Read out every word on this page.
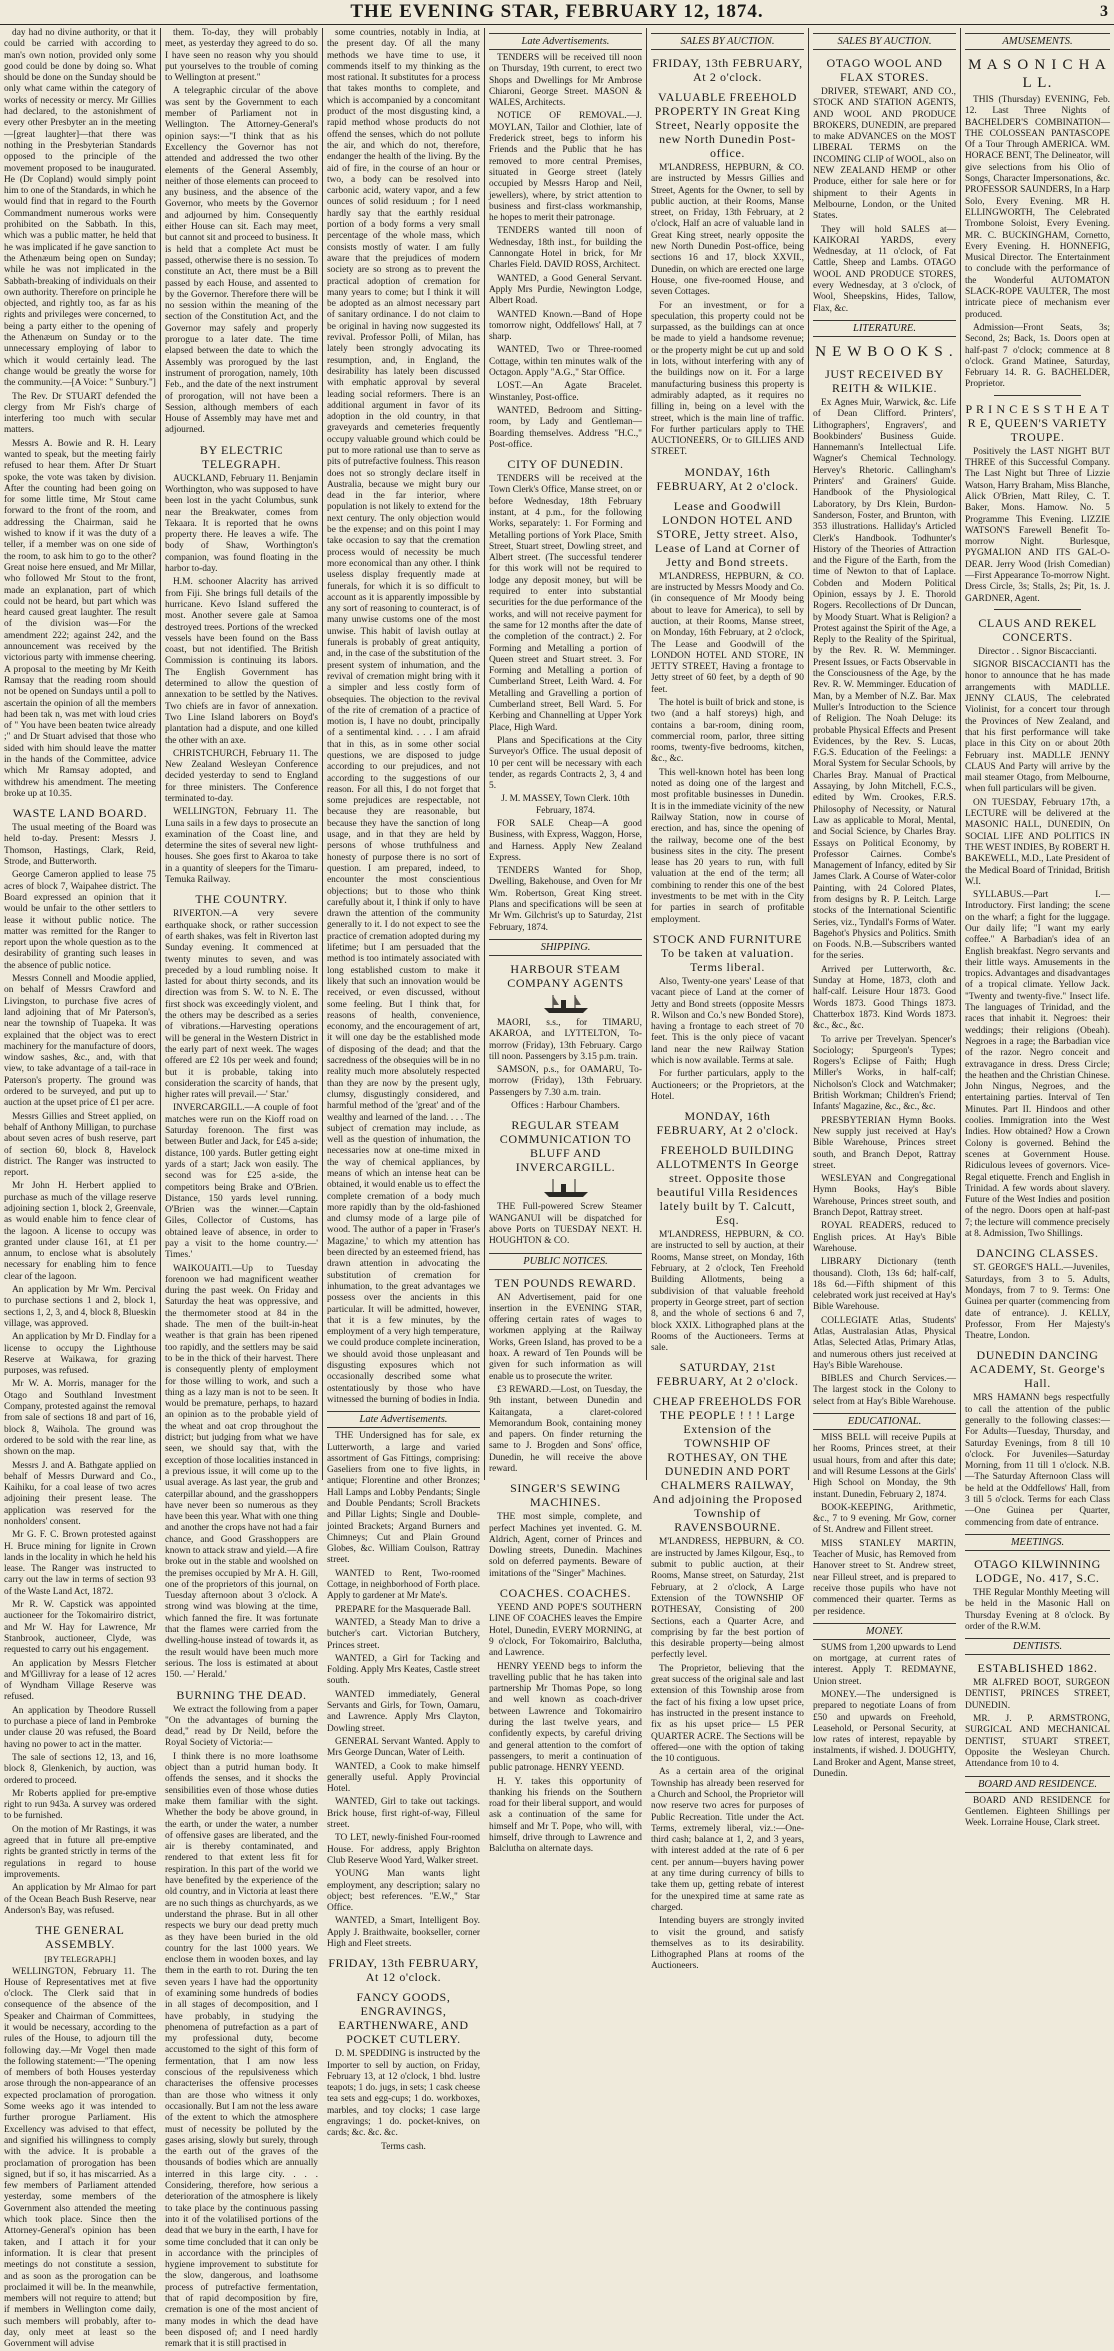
THE EVENING STAR, FEBRUARY 12, 1874.	3

day had no divine authority, or that it could be carried with according to man's own notion, provided only some good could be done by doing so. What should be done on the Sunday should be only what came within the category of works of necessity or mercy. Mr Gillies had declared, to the astonishment of every other Presbyter an in the meeting—[great laughter]—that there was nothing in the Presbyterian Standards opposed to the principle of the movement proposed to be inaugurated. He (Dr Copland) would simply point him to one of the Standards, in which he would find that in regard to the Fourth Commandment numerous works were prohibited on the Sabbath. In this, which was a public matter, he held that he was implicated if he gave sanction to the Athenæum being open on Sunday; while he was not implicated in the Sabbath-breaking of individuals on their own authority. Therefore on principle he objected, and rightly too, as far as his rights and privileges were concerned, to being a party either to the opening of the Athenæum on Sunday or to the unnecessary employing of labor to which it would certainly lead. The change would be greatly the worse for the community.—[A Voice: " Sunbury."]

The Rev. Dr STUART defended the clergy from Mr Fish's charge of interfering too much with secular matters.

Messrs A. Bowie and R. H. Leary wanted to speak, but the meeting fairly refused to hear them. After Dr Stuart spoke, the vote was taken by division. After the counting had been going on for some little time, Mr Stout came forward to the front of the room, and addressing the Chairman, said he wished to know if it was the duty of a teller, if a member was on one side of the room, to ask him to go to the other? Great noise here ensued, and Mr Millar, who followed Mr Stout to the front, made an explanation, part of which could not be heard, but part which was heard caused great laughter. The result of the division was—For the amendment 222; against 242, and the announcement was received by the victorious party with immense cheering. A proposal to the meeting by Mr Keith Ramsay that the reading room should not be opened on Sundays until a poll to ascertain the opinion of all the members had been tak n, was met with loud cries of " You have been beaten twice already ;" and Dr Stuart advised that those who sided with him should leave the matter in the hands of the Committee, advice which Mr Ramsay adopted, and withdrew his amendment. The meeting broke up at 10.35.

WASTE LAND BOARD.

The usual meeting of the Board was held to-day. Present: Messrs J. Thomson, Hastings, Clark, Reid, Strode, and Butterworth.

George Cameron applied to lease 75 acres of block 7, Waipahee district. The Board expressed an opinion that it would be unfair to the other settlers to lease it without public notice. The matter was remitted for the Ranger to report upon the whole question as to the desirability of granting such leases in the absence of public notice.

Messrs Connell and Moodie applied, on behalf of Messrs Crawford and Livingston, to purchase five acres of land adjoining that of Mr Paterson's, near the township of Tuapeka. It was explained that the object was to erect machinery for the manufacture of doors, window sashes, &c., and, with that view, to take advantage of a tail-race in Paterson's property. The ground was ordered to be surveyed, and put up to auction at the upset price of £1 per acre.

Messrs Gillies and Street applied, on behalf of Anthony Milligan, to purchase about seven acres of bush reserve, part of section 60, block 8, Havelock district. The Ranger was instructed to report.

Mr John H. Herbert applied to purchase as much of the village reserve adjoining section 1, block 2, Greenvale, as would enable him to fence clear of the lagoon. A license to occupy was granted under clause 161, at £1 per annum, to enclose what is absolutely necessary for enabling him to fence clear of the lagoon.

An application by Mr Wm. Percival to purchase sections 1 and 2, block 1, sections 1, 2, 3, and 4, block 8, Blueskin village, was approved.

An application by Mr D. Findlay for a license to occupy the Lighthouse Reserve at Waikawa, for grazing purposes, was refused.

Mr W. A. Morris, manager for the Otago and Southland Investment Company, protested against the removal from sale of sections 18 and part of 16, block 8, Waihola. The ground was ordered to be sold with the rear line, as shown on the map.

Messrs J. and A. Bathgate applied on behalf of Messrs Durward and Co., Kaihiku, for a coal lease of two acres adjoining their present lease. The application was reserved for the nonholders' consent.

Mr G. F. C. Brown protested against H. Bruce mining for lignite in Crown lands in the locality in which he held his lease. The Ranger was instructed to carry out the law in terms of section 93 of the Waste Land Act, 1872.

Mr R. W. Capstick was appointed auctioneer for the Tokomairiro district, and Mr W. Hay for Lawrence, Mr Stanbrook, auctioneer, Clyde, was requested to carry out his engagement.

An application by Messrs Fletcher and M'Gillivray for a lease of 12 acres of Wyndham Village Reserve was refused.

An application by Theodore Russell to purchase a piece of land in Pembroke under clause 20 was refused, the Board having no power to act in the matter.

The sale of sections 12, 13, and 16, block 8, Glenkenich, by auction, was ordered to proceed.

Mr Roberts applied for pre-emptive right to run 943a. A survey was ordered to be furnished.

On the motion of Mr Rastings, it was agreed that in future all pre-emptive rights be granted strictly in terms of the regulations in regard to house improvements.

An application by Mr Almao for part of the Ocean Beach Bush Reserve, near Anderson's Bay, was refused.

THE GENERAL ASSEMBLY.

[BY TELEGRAPH.]

WELLINGTON, February 11. The House of Representatives met at five o'clock. The Clerk said that in consequence of the absence of the Speaker and Chairman of Committees, it would be necessary, according to the rules of the House, to adjourn till the following day.—Mr Vogel then made the following statement:—"The opening of members of both Houses yesterday arose through the non-appearance of an expected proclamation of prorogation. Some weeks ago it was intended to further prorogue Parliament. His Excellency was advised to that effect, and signified his willingness to comply with the advice. It is probable a proclamation of prorogation has been signed, but if so, it has miscarried. As a few members of Parliament attended yesterday, some members of the Government also attended the meeting which took place. Since then the Attorney-General's opinion has been taken, and I attach it for your information. It is clear that present meetings do not constitute a session, and as soon as the prorogation can be proclaimed it will be. In the meanwhile, members will not require to attend; but if members in Wellington come daily, such members will probably, after to-day, only meet at least so the Government will advise

them. To-day, they will probably meet, as yesterday they agreed to do so. I have seen no reason why you should put yourselves to the trouble of coming to Wellington at present."

A telegraphic circular of the above was sent by the Government to each member of Parliament not in Wellington. The Attorney-General's opinion says:—"I think that as his Excellency the Governor has not attended and addressed the two other elements of the General Assembly, neither of those elements can proceed to any business, and the absence of the Governor, who meets by the Governor and adjourned by him. Consequently either House can sit. Each may meet, but cannot sit and proceed to business. It is held that a complete Act must be passed, otherwise there is no session. To constitute an Act, there must be a Bill passed by each House, and assented to by the Governor. Therefore there will be no session within the meaning of the section of the Constitution Act, and the Governor may safely and properly prorogue to a later date. The time elapsed between the date to which the Assembly was prorogued by the last instrument of prorogation, namely, 10th Feb., and the date of the next instrument of prorogation, will not have been a Session, although members of each House of Assembly may have met and adjourned.

BY ELECTRIC TELEGRAPH.

AUCKLAND, February 11. Benjamin Worthington, who was supposed to have been lost in the yacht Columbus, sunk near the Breakwater, comes from Tekaara. It is reported that he owns property there. He leaves a wife. The body of Shaw, Worthington's companion, was found floating in the harbor to-day.

H.M. schooner Alacrity has arrived from Fiji. She brings full details of the hurricane. Kevo Island suffered the most. Another severe gale at Samoa destroyed trees. Portions of the wrecked vessels have been found on the Bass coast, but not identified. The British Commission is continuing its labors. The English Government has determined to allow the question of annexation to be settled by the Natives. Two chiefs are in favor of annexation. Two Line Island laborers on Boyd's plantation had a dispute, and one killed the other with an axe.

CHRISTCHURCH, February 11. The New Zealand Wesleyan Conference decided yesterday to send to England for three ministers. The Conference terminated to-day.

WELLINGTON, February 11. The Luna sails in a few days to prosecute an examination of the Coast line, and determine the sites of several new light-houses. She goes first to Akaroa to take in a quantity of sleepers for the Timaru-Temuka Railway.

THE COUNTRY.

RIVERTON.—A very severe earthquake shock, or rather succession of earth shakes, was felt in Riverton last Sunday evening. It commenced at twenty minutes to seven, and was preceded by a loud rumbling noise. It lasted for about thirty seconds, and its direction was from S. W. to N. E. The first shock was exceedingly violent, and the others may be described as a series of vibrations.—Harvesting operations will be general in the Western District in the early part of next week. The wages offered are £2 10s per week and found; but it is probable, taking into consideration the scarcity of hands, that higher rates will prevail.—' Star.'

INVERCARGILL.—A couple of foot matches were run on the Kioff road on Saturday forenoon. The first was between Butler and Jack, for £45 a-side; distance, 100 yards. Butler getting eight yards of a start; Jack won easily. The second was for £25 a-side, the competitors being Brake and O'Brien. Distance, 150 yards level running. O'Brien was the winner.—Captain Giles, Collector of Customs, has obtained leave of absence, in order to pay a visit to the home country.—' Times.'

WAIKOUAITI.—Up to Tuesday forenoon we had magnificent weather during the past week. On Friday and Saturday the heat was oppressive, and the thermometer stood at 84 in the shade. The men of the built-in-heat weather is that grain has been ripened too rapidly, and the settlers may be said to be in the thick of their harvest. There is consequently plenty of employment for those willing to work, and such a thing as a lazy man is not to be seen. It would be premature, perhaps, to hazard an opinion as to the probable yield of the wheat and oat crop throughout the district; but judging from what we have seen, we should say that, with the exception of those localities instanced in a previous issue, it will come up to the usual average. As last year, the grub and caterpillar abound, and the grasshoppers have never been so numerous as they have been this year. What with one thing and another the crops have not had a fair chance, and Good Grasshoppers are known to attack straw and yield.—A fire broke out in the stable and woolshed on the premises occupied by Mr A. H. Gill, one of the proprietors of this journal, on Tuesday afternoon about 3 o'clock. A strong wind was blowing at the time, which fanned the fire. It was fortunate that the flames were carried from the dwelling-house instead of towards it, as the result would have been much more serious. The loss is estimated at about 150. —' Herald.'

BURNING THE DEAD.

We extract the following from a paper "On the advantages of burning the dead," read by Dr Neild, before the Royal Society of Victoria:—

I think there is no more loathsome object than a putrid human body. It offends the senses, and it shocks the sensibilities even of those whose duties make them familiar with the sight. Whether the body be above ground, in the earth, or under the water, a number of offensive gases are liberated, and the air is thereby contaminated, and rendered to that extent less fit for respiration. In this part of the world we have benefited by the experience of the old country, and in Victoria at least there are no such things as churchyards, as we understand the phrase. But in all other respects we bury our dead pretty much as they have been buried in the old country for the last 1000 years. We enclose them in wooden boxes, and lay them in the earth to rot. During the ten seven years I have had the opportunity of examining some hundreds of bodies in all stages of decomposition, and I have probably, in studying the phenomena of putrefaction as a part of my professional duty, become accustomed to the sight of this form of fermentation, that I am now less conscious of the repulsiveness which characterises the offensive processes than are those who witness it only occasionally. But I am not the less aware of the extent to which the atmosphere must of necessity be polluted by the gases arising, slowly but surely, through the earth out of the graves of the thousands of bodies which are annually interred in this large city. . . . Considering, therefore, how serious a deterioration of the atmosphere is likely to take place by the continuous passing into it of the volatilised portions of the dead that we bury in the earth, I have for some time concluded that it can only be in accordance with the principles of hygiene improvement to substitute for the slow, dangerous, and loathsome process of putrefactive fermentation, that of rapid decomposition by fire, cremation is one of the most ancient of many modes in which the dead have been disposed of; and I need hardly remark that it is still practised in

some countries, notably in India, at the present day. Of all the many methods we have time to use, it commends itself to my thinking as the most rational. It substitutes for a process that takes months to complete, and which is accompanied by a concomitant product of the most disgusting kind, a rapid method whose products do not offend the senses, which do not pollute the air, and which do not, therefore, endanger the health of the living. By the aid of fire, in the course of an hour or two, a body can be resolved into carbonic acid, watery vapor, and a few ounces of solid residuum ; for I need hardly say that the earthly residual portion of a body forms a very small percentage of the whole mass, which consists mostly of water. I am fully aware that the prejudices of modern society are so strong as to prevent the practical adoption of cremation for many years to come; but I think it will be adopted as an almost necessary part of sanitary ordinance. I do not claim to be original in having now suggested its revival. Professor Polli, of Milan, has lately been strongly advocating its resumption, and, in England, the desirability has lately been discussed with emphatic approval by several leading social reformers. There is an additional argument in favor of its adoption in the old country, in that graveyards and cemeteries frequently occupy valuable ground which could be put to more rational use than to serve as pits of putrefactive foulness. This reason does not so strongly declare itself in Australia, because we might bury our dead in the far interior, where population is not likely to extend for the next century. The only objection would be the expense; and on this point I may take occasion to say that the cremation process would of necessity be much more economical than any other. I think useless display frequently made at funerals, for which it is so difficult to account as it is apparently impossible by any sort of reasoning to counteract, is of many unwise customs one of the most unwise. This habit of lavish outlay at funerals is probably of great antiquity, and, in the case of the substitution of the present system of inhumation, and the revival of cremation might bring with it a simpler and less costly form of obsequies. The objection to the revival of the rite of cremation of a practice of motion is, I have no doubt, principally of a sentimental kind. . . . I am afraid that in this, as in some other social questions, we are disposed to judge according to our prejudices, and not according to the suggestions of our reason. For all this, I do not forget that some prejudices are respectable, not because they are reasonable, but because they have the sanction of long usage, and in that they are held by persons of whose truthfulness and honesty of purpose there is no sort of question. I am prepared, indeed, to encounter the most conscientious objections; but to those who think carefully about it, I think if only to have drawn the attention of the community generally to it. I do not expect to see the practice of cremation adopted during my lifetime; but I am persuaded that the method is too intimately associated with long established custom to make it likely that such an innovation would be received, or even discussed, without some feeling. But I think that, for reasons of health, convenience, economy, and the encouragement of art, it will one day be the established mode of disposing of the dead; and that the sacredness of the obsequies will be in no reality much more absolutely respected than they are now by the present ugly, clumsy, disgustingly considered, and harmful method of the 'great' and of the wealthy and learned of the land. . . . The subject of cremation may include, as well as the question of inhumation, the necessaries now at one-time mixed in the way of chemical appliances, by means of which an intense heat can be obtained, it would enable us to effect the complete cremation of a body much more rapidly than by the old-fashioned and clumsy mode of a large pile of wood. The author of a paper in 'Fraser's Magazine,' to which my attention has been directed by an esteemed friend, has drawn attention in advocating the substitution of cremation for inhumation, to the great advantages we possess over the ancients in this particular. It will be admitted, however, that it is a few minutes, by the employment of a very high temperature, we could produce complete incineration, we should avoid those unpleasant and disgusting exposures which not occasionally described some what ostentatiously by those who have witnessed the burning of bodies in India.

Late Advertisements.

THE Undersigned has for sale, ex Lutterworth, a large and varied assortment of Gas Fittings, comprising: Gaseliers from one to five lights, in antique; Florentine and other Bronzes; Hall Lamps and Lobby Pendants; Single and Double Pendants; Scroll Brackets and Pillar Lights; Single and Double-jointed Brackets; Argand Burners and Chimneys; Cut and Plain Ground Globes, &c. William Coulson, Rattray street.

WANTED to Rent, Two-roomed Cottage, in neighborhood of Forth place. Apply to gardener at Mr Mate's.

PREPARE for the Masquerade Ball.

WANTED, a Steady Man to drive a butcher's cart. Victorian Butchery, Princes street.

WANTED, a Girl for Tacking and Folding. Apply Mrs Keates, Castle street south.

WANTED immediately, General Servants and Girls, for Town, Oamaru, and Lawrence. Apply Mrs Clayton, Dowling street.

GENERAL Servant Wanted. Apply to Mrs George Duncan, Water of Leith.

WANTED, a Cook to make himself generally useful. Apply Provincial Hotel.

WANTED, Girl to take out tackings. Brick house, first right-of-way, Filleul street.

TO LET, newly-finished Four-roomed House. For address, apply Brighton Club Reserve Wood Yard, Walker street.

YOUNG Man wants light employment, any description; salary no object; best references. "E.W.," Star Office.

WANTED, a Smart, Intelligent Boy. Apply J. Braithwaite, bookseller, corner High and Fleet streets.

FRIDAY, 13th FEBRUARY, At 12 o'clock.
FANCY GOODS, ENGRAVINGS, EARTHENWARE, AND POCKET CUTLERY.

D. M. SPEDDING is instructed by the Importer to sell by auction, on Friday, February 13, at 12 o'clock, 1 bhd. lustre teapots; 1 do. jugs, in sets; 1 cask cheese tea sets and egg-cups; 1 do. workboxes, marbles, and toy clocks; 1 case large engravings; 1 do. pocket-knives, on cards; &c. &c. &c.

Terms cash.

Late Advertisements.

TENDERS will be received till noon on Thursday, 19th current, to erect two Shops and Dwellings for Mr Ambrose Chiaroni, George Street. MASON & WALES, Architects.

NOTICE OF REMOVAL.—J. MOYLAN, Tailor and Clothier, late of Frederick street, begs to inform his Friends and the Public that he has removed to more central Premises, situated in George street (lately occupied by Messrs Harop and Neil, jewellers), where, by strict attention to business and first-class workmanship, he hopes to merit their patronage.

TENDERS wanted till noon of Wednesday, 18th inst., for building the Cannongate Hotel in brick, for Mr Charles Field. DAVID ROSS, Architect.

WANTED, a Good General Servant. Apply Mrs Purdie, Newington Lodge, Albert Road.

WANTED Known.—Band of Hope tomorrow night, Oddfellows' Hall, at 7 sharp.

WANTED, Two or Three-roomed Cottage, within ten minutes walk of the Octagon. Apply "A.G.," Star Office.

LOST.—An Agate Bracelet. Winstanley, Post-office.

WANTED, Bedroom and Sitting-room, by Lady and Gentleman—Boarding themselves. Address "H.C.," Post-office.

CITY OF DUNEDIN.

TENDERS will be received at the Town Clerk's Office, Manse street, on or before Wednesday, 18th February instant, at 4 p.m., for the following Works, separately: 1. For Forming and Metalling portions of York Place, Smith Street, Stuart street, Dowling street, and Albert street. (The successful tenderer for this work will not be required to lodge any deposit money, but will be required to enter into substantial securities for the due performance of the works, and will not receive payment for the same for 12 months after the date of the completion of the contract.) 2. For Forming and Metalling a portion of Queen street and Stuart street. 3. For Forming and Metalling a portion of Cumberland Street, Leith Ward. 4. For Metalling and Gravelling a portion of Cumberland street, Bell Ward. 5. For Kerbing and Channelling at Upper York Place, High Ward.

Plans and Specifications at the City Surveyor's Office. The usual deposit of 10 per cent will be necessary with each tender, as regards Contracts 2, 3, 4 and 5.

J. M. MASSEY, Town Clerk. 10th February, 1874.

FOR SALE Cheap—A good Business, with Express, Waggon, Horse, and Harness. Apply New Zealand Express.

TENDERS Wanted for Shop, Dwelling, Bakehouse, and Oven for Mr Wm. Robertson, Great King street. Plans and specifications will be seen at Mr Wm. Gilchrist's up to Saturday, 21st February, 1874.

SHIPPING.
HARBOUR STEAM COMPANY AGENTS

MAORI, s.s., for TIMARU, AKAROA, and LYTTELTON, To-morrow (Friday), 13th February. Cargo till noon. Passengers by 3.15 p.m. train.

SAMSON, p.s., for OAMARU, To-morrow (Friday), 13th February. Passengers by 7.30 a.m. train.

Offices : Harbour Chambers.

REGULAR STEAM COMMUNICATION TO BLUFF AND INVERCARGILL.

THE Full-powered Screw Steamer WANGANUI will be dispatched for above Ports on TUESDAY NEXT. H. HOUGHTON & CO.

PUBLIC NOTICES.
TEN POUNDS REWARD.

AN Advertisement, paid for one insertion in the EVENING STAR, offering certain rates of wages to workmen applying at the Railway Works, Green Island, has proved to be a hoax. A reward of Ten Pounds will be given for such information as will enable us to prosecute the writer.

£3 REWARD.—Lost, on Tuesday, the 9th instant, between Dunedin and Kaitangata, a claret-colored Memorandum Book, containing money and papers. On finder returning the same to J. Brogden and Sons' office, Dunedin, he will receive the above reward.

SINGER'S SEWING MACHINES.

THE most simple, complete, and perfect Machines yet invented. G. M. Aldrich, Agent, corner of Princes and Dowling streets, Dunedin. Machines sold on deferred payments. Beware of imitations of the "Singer" Machines.

COACHES. COACHES.

YEEND AND POPE'S SOUTHERN LINE OF COACHES leaves the Empire Hotel, Dunedin, EVERY MORNING, at 9 o'clock, For Tokomairiro, Balclutha, and Lawrence.

HENRY YEEND begs to inform the travelling public that he has taken into partnership Mr Thomas Pope, so long and well known as coach-driver between Lawrence and Tokomairiro during the last twelve years, and confidently expects, by careful driving and general attention to the comfort of passengers, to merit a continuation of public patronage. HENRY YEEND.

H. Y. takes this opportunity of thanking his friends on the Southern road for their liberal support, and would ask a continuation of the same for himself and Mr T. Pope, who will, with himself, drive through to Lawrence and Balclutha on alternate days.

SALES BY AUCTION.
FRIDAY, 13th FEBRUARY, At 2 o'clock.
VALUABLE FREEHOLD PROPERTY IN Great King Street, Nearly opposite the new North Dunedin Post-office.

M'LANDRESS, HEPBURN, & CO. are instructed by Messrs Gillies and Street, Agents for the Owner, to sell by public auction, at their Rooms, Manse street, on Friday, 13th February, at 2 o'clock, Half an acre of valuable land in Great King street, nearly opposite the new North Dunedin Post-office, being sections 16 and 17, block XXVII., Dunedin, on which are erected one large House, one five-roomed House, and seven Cottages.

For an investment, or for a speculation, this property could not be surpassed, as the buildings can at once be made to yield a handsome revenue; or the property might be cut up and sold in lots, without interfering with any of the buildings now on it. For a large manufacturing business this property is admirably adapted, as it requires no filling in, being on a level with the street, which is the main line of traffic. For further particulars apply to THE AUCTIONEERS, Or to GILLIES AND STREET.

MONDAY, 16th FEBRUARY, At 2 o'clock.
Lease and Goodwill LONDON HOTEL AND STORE, Jetty street. Also, Lease of Land at Corner of Jetty and Bond streets.

M'LANDRESS, HEPBURN, & CO. are instructed by Messrs Moody and Co. (in consequence of Mr Moody being about to leave for America), to sell by auction, at their Rooms, Manse street, on Monday, 16th February, at 2 o'clock, The Lease and Goodwill of the LONDON HOTEL AND STORE, IN JETTY STREET, Having a frontage to Jetty street of 60 feet, by a depth of 90 feet.

The hotel is built of brick and stone, is two (and a half storeys) high, and contains a bar-room, dining room, commercial room, parlor, three sitting rooms, twenty-five bedrooms, kitchen, &c., &c.

This well-known hotel has been long noted as doing one of the largest and most profitable businesses in Dunedin. It is in the immediate vicinity of the new Railway Station, now in course of erection, and has, since the opening of the railway, become one of the best business sites in the city. The present lease has 20 years to run, with full valuation at the end of the term; all combining to render this one of the best investments to be met with in the City for parties in search of profitable employment.

STOCK AND FURNITURE To be taken at valuation. Terms liberal.

Also, Twenty-one years' Lease of that vacant piece of Land at the corner of Jetty and Bond streets (opposite Messrs R. Wilson and Co.'s new Bonded Store), having a frontage to each street of 70 feet. This is the only piece of vacant land near the new Railway Station which is now available. Terms at sale.

For further particulars, apply to the Auctioneers; or the Proprietors, at the Hotel.

MONDAY, 16th FEBRUARY, At 2 o'clock.
FREEHOLD BUILDING ALLOTMENTS In George street. Opposite those beautiful Villa Residences lately built by T. Calcutt, Esq.

M'LANDRESS, HEPBURN, & CO. are instructed to sell by auction, at their Rooms, Manse street, on Monday, 16th February, at 2 o'clock, Ten Freehold Building Allotments, being a subdivision of that valuable freehold property in George street, part of section 8, and the whole of sections 6 and 7, block XXIX. Lithographed plans at the Rooms of the Auctioneers. Terms at sale.

SATURDAY, 21st FEBRUARY, At 2 o'clock.
CHEAP FREEHOLDS FOR THE PEOPLE ! ! ! Large Extension of the TOWNSHIP OF ROTHESAY, ON THE DUNEDIN AND PORT CHALMERS RAILWAY, And adjoining the Proposed Township of RAVENSBOURNE.

M'LANDRESS, HEPBURN, & CO. are instructed by James Kilgour, Esq., to submit to public auction, at their Rooms, Manse street, on Saturday, 21st February, at 2 o'clock, A Large Extension of the TOWNSHIP OF ROTHESAY, Consisting of 200 Sections, each a Quarter Acre, and comprising by far the best portion of this desirable property—being almost perfectly level.

The Proprietor, believing that the great success of the original sale and last extension of this Township arose from the fact of his fixing a low upset price, has instructed in the present instance to fix as his upset price— L5 PER QUARTER ACRE. The Sections will be offered—one with the option of taking the 10 contiguous.

As a certain area of the original Township has already been reserved for a Church and School, the Proprietor will now reserve two acres for purposes of Public Recreation. Title under the Act. Terms, extremely liberal, viz.:—One-third cash; balance at 1, 2, and 3 years, with interest added at the rate of 6 per cent. per annum—buyers having power at any time during currency of bills to take them up, getting rebate of interest for the unexpired time at same rate as charged.

Intending buyers are strongly invited to visit the ground, and satisfy themselves as to its desirability. Lithographed Plans at rooms of the Auctioneers.

SALES BY AUCTION.
OTAGO WOOL AND FLAX STORES.

DRIVER, STEWART, AND CO., STOCK AND STATION AGENTS, AND WOOL AND PRODUCE BROKERS, DUNEDIN, are prepared to make ADVANCES on the MOST LIBERAL TERMS on the INCOMING CLIP of WOOL, also on NEW ZEALAND HEMP or other Produce, either for sale here or for shipment to their Agents in Melbourne, London, or the United States.

They will hold SALES at— KAIKORAI YARDS, every Wednesday, at 11 o'clock, of Fat Cattle, Sheep and Lambs. OTAGO WOOL AND PRODUCE STORES, every Wednesday, at 3 o'clock, of Wool, Sheepskins, Hides, Tallow, Flax, &c.

LITERATURE.
N E W B O O K S .
JUST RECEIVED BY REITH & WILKIE.

Ex Agnes Muir, Warwick, &c. Life of Dean Clifford. Printers', Lithographers', Engravers', and Bookbinders' Business Guide. Hannemann's Intellectual Life. Wagner's Chemical Technology. Hervey's Rhetoric. Callingham's Printers' and Grainers' Guide. Handbook of the Physiological Laboratory, by Drs Klein, Burdon-Sanderson, Foster, and Brunton, with 353 illustrations. Halliday's Articled Clerk's Handbook. Todhunter's History of the Theories of Attraction and the Figure of the Earth, from the time of Newton to that of Laplace. Cobden and Modern Political Opinion, essays by J. E. Thorold Rogers. Recollections of Dr Duncan, by Moody Stuart. What is Religion? a Protest against the Spirit of the Age, a Reply to the Reality of the Spiritual, by the Rev. R. W. Memminger. Present Issues, or Facts Observable in the Consciousness of the Age, by the Rev. R. W. Memminger. Education of Man, by a Member of N.Z. Bar. Max Muller's Introduction to the Science of Religion. The Noah Deluge: its probable Physical Effects and Present Evidences, by the Rev. S. Lucas, F.G.S. Education of the Feelings: a Moral System for Secular Schools, by Charles Bray. Manual of Practical Assaying, by John Mitchell, F.C.S., edited by Wm. Crookes, F.R.S. Philosophy of Necessity, or Natural Law as applicable to Moral, Mental, and Social Science, by Charles Bray. Essays on Political Economy, by Professor Cairnes. Combe's Management of Infancy, edited by Sir James Clark. A Course of Water-color Painting, with 24 Colored Plates, from designs by R. P. Leitch. Large stocks of the International Scientific Series, viz., Tyndall's Forms of Water. Bagehot's Physics and Politics. Smith on Foods. N.B.—Subscribers wanted for the series.

Arrived per Lutterworth, &c. Sunday at Home, 1873, cloth and half-calf. Leisure Hour 1873. Good Words 1873. Good Things 1873. Chatterbox 1873. Kind Words 1873. &c., &c., &c.

To arrive per Trevelyan. Spencer's Sociology; Spurgeon's Types; Rogers's Eclipse of Faith; Hugh Miller's Works, in half-calf; Nicholson's Clock and Watchmaker; British Workman; Children's Friend; Infants' Magazine, &c., &c., &c.

PRESBYTERIAN Hymn Books. New supply just received at Hay's Bible Warehouse, Princes street south, and Branch Depot, Rattray street.

WESLEYAN and Congregational Hymn Books, Hay's Bible Warehouse, Princes street south, and Branch Depot, Rattray street.

ROYAL READERS, reduced to English prices. At Hay's Bible Warehouse.

LIBRARY Dictionary (tenth thousand). Cloth, 13s 6d; half-calf, 18s 6d.—Fifth shipment of this celebrated work just received at Hay's Bible Warehouse.

COLLEGIATE Atlas, Students' Atlas, Australasian Atlas, Physical Atlas, Selected Atlas, Primary Atlas, and numerous others just received at Hay's Bible Warehouse.

BIBLES and Church Services.—The largest stock in the Colony to select from at Hay's Bible Warehouse.

EDUCATIONAL.

MISS BELL will receive Pupils at her Rooms, Princes street, at their usual hours, from and after this date; and will Resume Lessons at the Girls' High School on Monday, the 9th instant. Dunedin, February 2, 1874.

BOOK-KEEPING, Arithmetic, &c., 7 to 9 evening. Mr Gow, corner of St. Andrew and Fillent street.

MISS STANLEY MARTIN, Teacher of Music, has Removed from Hanover street to St. Andrew street, near Filleul street, and is prepared to receive those pupils who have not commenced their quarter. Terms as per residence.

MONEY.

SUMS from 1,200 upwards to Lend on mortgage, at current rates of interest. Apply T. REDMAYNE, Union street.

MONEY.—The undersigned is prepared to negotiate Loans of from £50 and upwards on Freehold, Leasehold, or Personal Security, at low rates of interest, repayable by instalments, if wished. J. DOUGHTY, Land Broker and Agent, Manse street, Dunedin.

AMUSEMENTS.
M A S O N I C H A L L.

THIS (Thursday) EVENING, Feb. 12. Last Three Nights of BACHELDER'S COMBINATION— THE COLOSSEAN PANTASCOPE Of a Tour Through AMERICA. WM. HORACE BENT, The Delineator, will give selections from his Olio of Songs, Character Impersonations, &c. PROFESSOR SAUNDERS, In a Harp Solo, Every Evening. MR H. ELLINGWORTH, The Celebrated Trombone Soloist, Every Evening. MR. C. BUCKINGHAM, Cornetto, Every Evening. H. HONNEFIG, Musical Director. The Entertainment to conclude with the performance of the Wonderful AUTOMATON SLACK-ROPE VAULTER, The most intricate piece of mechanism ever produced.

Admission—Front Seats, 3s; Second, 2s; Back, 1s. Doors open at half-past 7 o'clock; commence at 8 o'clock. Grand Matinee, Saturday, February 14. R. G. BACHELDER, Proprietor.

P R I N C E S S T H E A T R E, QUEEN'S VARIETY TROUPE.

Positively the LAST NIGHT BUT THREE of this Successful Company. The Last Night but Three of Lizzie Watson, Harry Braham, Miss Blanche, Alick O'Brien, Matt Riley, C. T. Baker, Mons. Hamow. No. 5 Programme This Evening. LIZZIE WATSON'S Farewell Benefit To-morrow Night. Burlesque, PYGMALION AND ITS GAL-O-DEAR. Jerry Wood (Irish Comedian)—First Appearance To-morrow Night. Dress Circle, 3s; Stalls, 2s; Pit, 1s. J. GARDNER, Agent.

CLAUS AND REKEL CONCERTS.

Director . . Signor Biscaccianti.

SIGNOR BISCACCIANTI has the honor to announce that he has made arrangements with MADLLE. JENNY CLAUS, The celebrated Violinist, for a concert tour through the Provinces of New Zealand, and that his first performance will take place in this City on or about 20th February inst. MADLLE JENNY CLAUS And Party will arrive by the mail steamer Otago, from Melbourne, when full particulars will be given.

ON TUESDAY, February 17th, a LECTURE will be delivered at the MASONIC HALL, DUNEDIN, On SOCIAL LIFE AND POLITICS IN THE WEST INDIES, By ROBERT H. BAKEWELL, M.D., Late President of the Medical Board of Trinidad, British W.I.

SYLLABUS.—Part I.—Introductory. First landing; the scene on the wharf; a fight for the luggage. Our daily life; "I want my early coffee." A Barbadian's idea of an English breakfast. Negro servants and their little ways. Amusements in the tropics. Advantages and disadvantages of a tropical climate. Yellow Jack. "Twenty and twenty-five." Insect life. The languages of Trinidad, and the races that inhabit it. Negroes: their weddings; their religions (Obeah). Negroes in a rage; the Barbadian vice of the razor. Negro conceit and extravagance in dress. Dress Circle; the heathen and the Christian Chinese. John Ningus, Negroes, and the entertaining parties. Interval of Ten Minutes. Part II. Hindoos and other coolies. Immigration into the West Indies. How obtained? How a Crown Colony is governed. Behind the scenes at Government House. Ridiculous levees of governors. Vice-Regal etiquette. French and English in Trinidad. A few words about slavery. Future of the West Indies and position of the negro. Doors open at half-past 7; the lecture will commence precisely at 8. Admission, Two Shillings.

DANCING CLASSES.

ST. GEORGE'S HALL.—Juveniles, Saturdays, from 3 to 5. Adults, Mondays, from 7 to 9. Terms: One Guinea per quarter (commencing from date of entrance). J. KELLY, Professor, From Her Majesty's Theatre, London.

DUNEDIN DANCING ACADEMY, St. George's Hall.

MRS HAMANN begs respectfully to call the attention of the public generally to the following classes:— For Adults—Tuesday, Thursday, and Saturday Evenings, from 8 till 10 o'clock. For Juveniles—Saturday Morning, from 11 till 1 o'clock. N.B.—The Saturday Afternoon Class will be held at the Oddfellows' Hall, from 3 till 5 o'clock. Terms for each Class—One Guinea per Quarter, commencing from date of entrance.

MEETINGS.
OTAGO KILWINNING LODGE, No. 417, S.C.

THE Regular Monthly Meeting will be held in the Masonic Hall on Thursday Evening at 8 o'clock. By order of the R.W.M.

DENTISTS.
ESTABLISHED 1862.

MR ALFRED BOOT, SURGEON DENTIST, PRINCES STREET, DUNEDIN.

MR. J. P. ARMSTRONG, SURGICAL AND MECHANICAL DENTIST, STUART STREET, Opposite the Wesleyan Church. Attendance from 10 to 4.

BOARD AND RESIDENCE.

BOARD AND RESIDENCE for Gentlemen. Eighteen Shillings per Week. Lorraine House, Clark street.
